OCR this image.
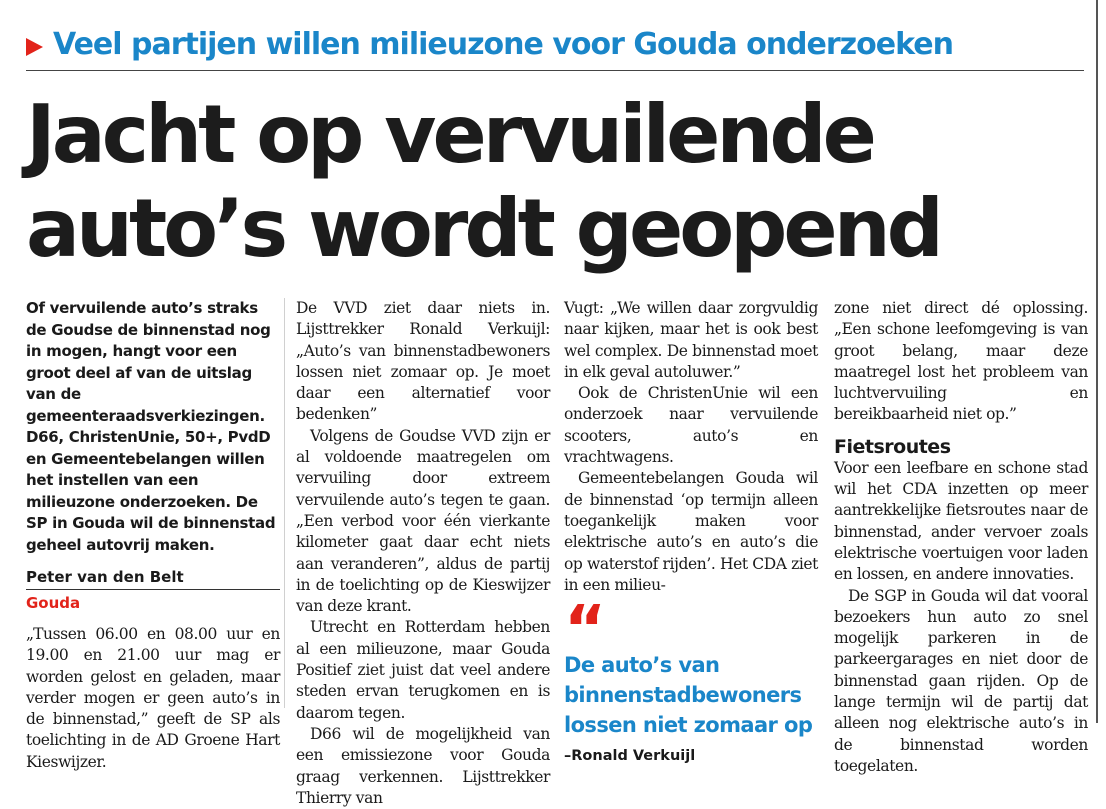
Veel partijen willen milieuzone voor Gouda onderzoeken
Jacht op vervuilende
auto’s wordt geopend

Of vervuilende auto’s straks de Goudse de binnenstad nog in mogen, hangt voor een groot deel af van de uitslag van de gemeenteraadsverkiezingen. D66, ChristenUnie, 50+, PvdD en Gemeentebelangen willen het instellen van een milieuzone onderzoeken. De SP in Gouda wil de binnenstad geheel autovrij maken.

Peter van den Belt
Gouda

„Tussen 06.00 en 08.00 uur en 19.00 en 21.00 uur mag er worden gelost en geladen, maar verder mogen er geen auto’s in de binnenstad,” geeft de SP als toelichting in de AD Groene Hart Kieswijzer.

De VVD ziet daar niets in. Lijsttrekker Ronald Verkuijl: „Auto’s van binnenstadbewoners lossen niet zomaar op. Je moet daar een alternatief voor bedenken”

Volgens de Goudse VVD zijn er al voldoende maatregelen om vervuiling door extreem vervuilende auto’s tegen te gaan. „Een verbod voor één vierkante kilometer gaat daar echt niets aan veranderen”, aldus de partij in de toelichting op de Kieswijzer van deze krant.

Utrecht en Rotterdam hebben al een milieuzone, maar Gouda Positief ziet juist dat veel andere steden ervan terugkomen en is daarom tegen.

D66 wil de mogelijkheid van een emissiezone voor Gouda graag verkennen. Lijsttrekker Thierry van

Vugt: „We willen daar zorgvuldig naar kijken, maar het is ook best wel complex. De binnenstad moet in elk geval autoluwer.”

Ook de ChristenUnie wil een onderzoek naar vervuilende scooters, auto’s en vrachtwagens.

Gemeentebelangen Gouda wil de binnenstad ‘op termijn alleen toegankelijk maken voor elektrische auto’s en auto’s die op waterstof rijden’. Het CDA ziet in een milieu-

“
De auto’s van
binnenstadbewoners
lossen niet zomaar op
–Ronald Verkuijl

zone niet direct dé oplossing. „Een schone leefomgeving is van groot belang, maar deze maatregel lost het probleem van luchtvervuiling en bereikbaarheid niet op.”

Fietsroutes

Voor een leefbare en schone stad wil het CDA inzetten op meer aantrekkelijke fietsroutes naar de binnenstad, ander vervoer zoals elektrische voertuigen voor laden en lossen, en andere innovaties.

De SGP in Gouda wil dat vooral bezoekers hun auto zo snel mogelijk parkeren in de parkeergarages en niet door de binnenstad gaan rijden. Op de lange termijn wil de partij dat alleen nog elektrische auto’s in de binnenstad worden toegelaten.
